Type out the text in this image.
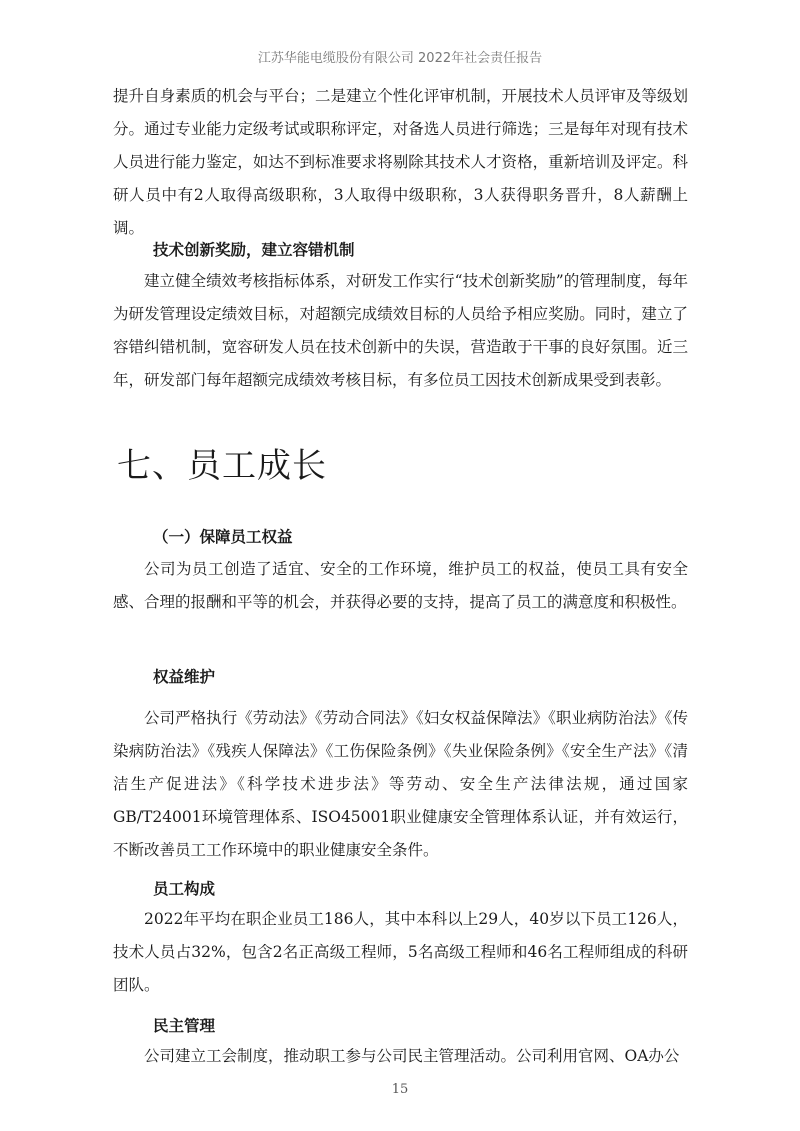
江苏华能电缆股份有限公司 2022年社会责任报告

提升自身素质的机会与平台；二是建立个性化评审机制，开展技术人员评审及等级划分。通过专业能力定级考试或职称评定，对备选人员进行筛选；三是每年对现有技术人员进行能力鉴定，如达不到标准要求将剔除其技术人才资格，重新培训及评定。科研人员中有2人取得高级职称，3人取得中级职称，3人获得职务晋升，8人薪酬上调。

技术创新奖励，建立容错机制

建立健全绩效考核指标体系，对研发工作实行“技术创新奖励”的管理制度，每年为研发管理设定绩效目标，对超额完成绩效目标的人员给予相应奖励。同时，建立了容错纠错机制，宽容研发人员在技术创新中的失误，营造敢于干事的良好氛围。近三年，研发部门每年超额完成绩效考核目标，有多位员工因技术创新成果受到表彰。

七、员工成长
（一）保障员工权益

公司为员工创造了适宜、安全的工作环境，维护员工的权益，使员工具有安全感、合理的报酬和平等的机会，并获得必要的支持，提高了员工的满意度和积极性。

权益维护

公司严格执行《劳动法》《劳动合同法》《妇女权益保障法》《职业病防治法》《传染病防治法》《残疾人保障法》《工伤保险条例》《失业保险条例》《安全生产法》《清洁生产促进法》《科学技术进步法》等劳动、安全生产法律法规，通过国家GB/T24001环境管理体系、ISO45001职业健康安全管理体系认证，并有效运行，不断改善员工工作环境中的职业健康安全条件。

员工构成

2022年平均在职企业员工186人，其中本科以上29人，40岁以下员工126人，技术人员占32%，包含2名正高级工程师，5名高级工程师和46名工程师组成的科研团队。

民主管理

公司建立工会制度，推动职工参与公司民主管理活动。公司利用官网、OA办公

15
